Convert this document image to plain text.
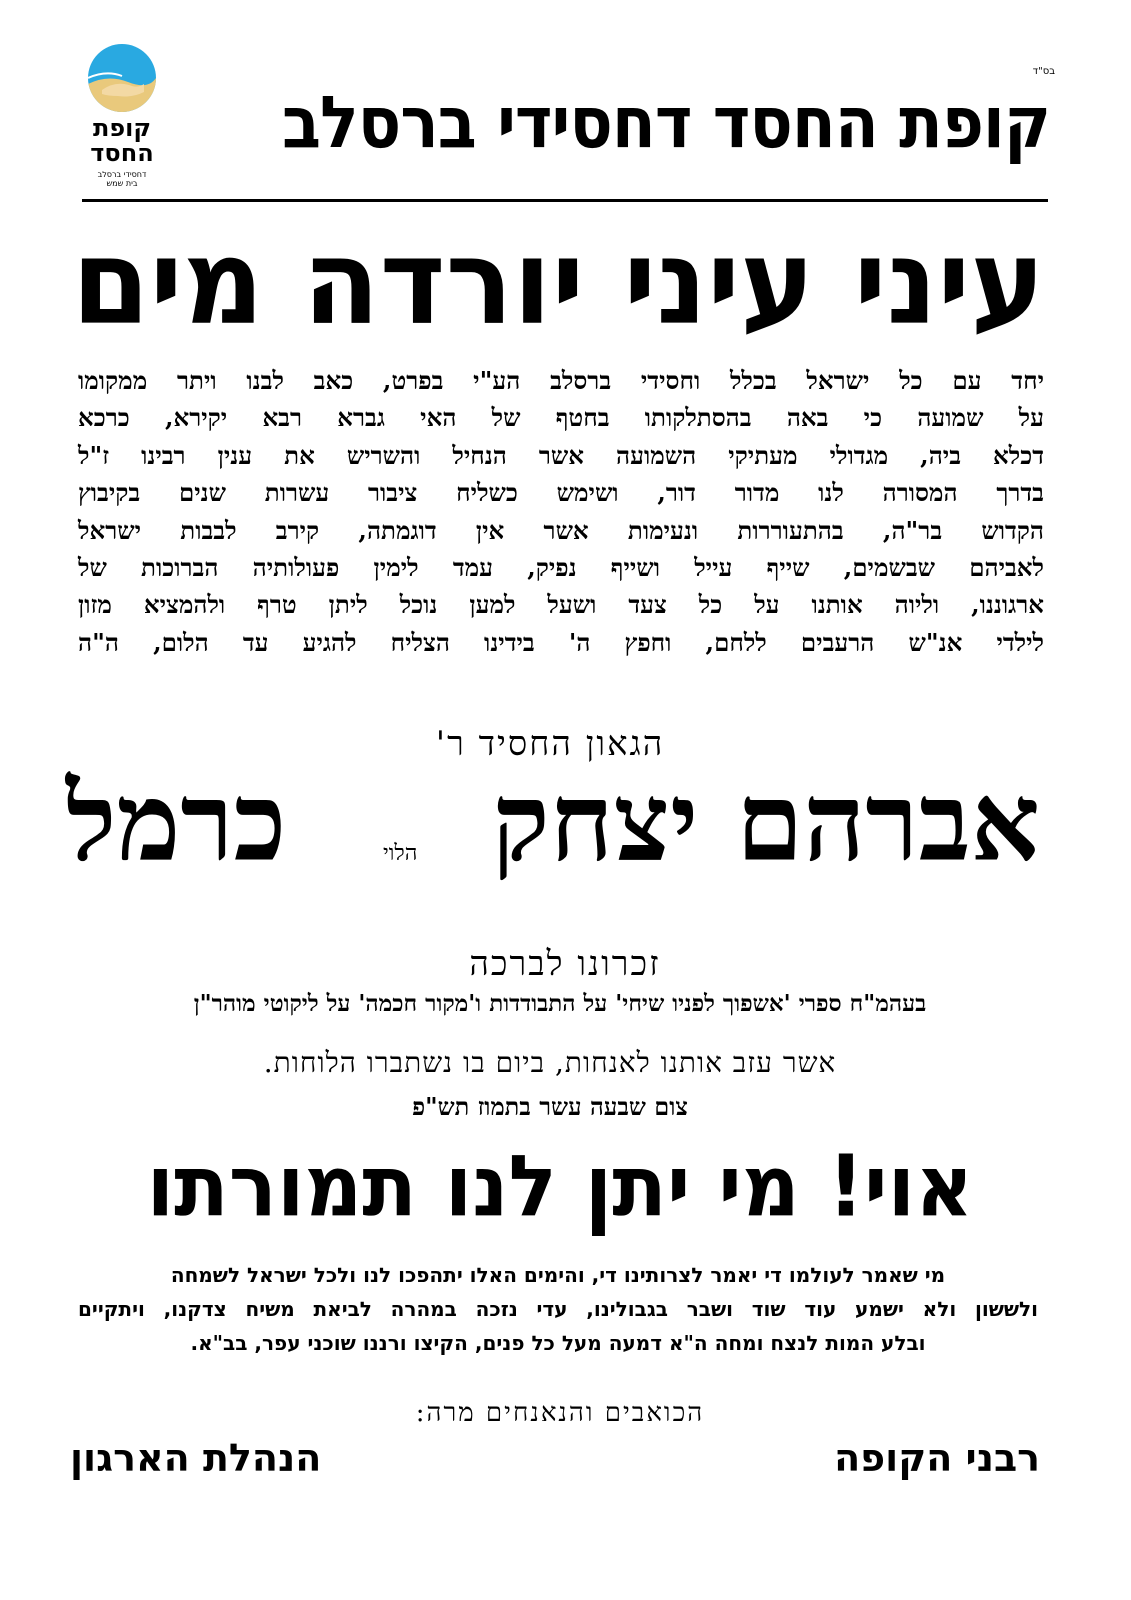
בס"ד
קופת
החסד
דחסידי ברסלב
בית שמש
קופת החסד דחסידי ברסלב
עיני עיני יורדה מים
יחד עם כל ישראל בכלל וחסידי ברסלב הע"י בפרט, כאב לבנו ויתר ממקומו
על שמועה כי באה בהסתלקותו בחטף של האי גברא רבא יקירא, כרכא
דכלא ביה, מגדולי מעתיקי השמועה אשר הנחיל והשריש את ענין רבינו ז"ל
בדרך המסורה לנו מדור דור, ושימש כשליח ציבור עשרות שנים בקיבוץ
הקדוש בר"ה, בהתעוררות ונעימות אשר אין דוגמתה, קירב לבבות ישראל
לאביהם שבשמים, שייף עייל ושייף נפיק, עמד לימין פעולותיה הברוכות של
ארגוננו, וליוה אותנו על כל צעד ושעל למען נוכל ליתן טרף ולהמציא מזון
לילדי אנ"ש הרעבים ללחם, וחפץ ה' בידינו הצליח להגיע עד הלום, ה"ה
הגאון החסיד ר'
אברהם יצחק
הלוי
כרמל
זכרונו לברכה
בעהמ"ח ספרי 'אשפוך לפניו שיחי' על התבודדות ו'מקור חכמה' על ליקוטי מוהר"ן
אשר עזב אותנו לאנחות, ביום בו נשתברו הלוחות.
צום שבעה עשר בתמוז תש"פ
אוי! מי יתן לנו תמורתו
מי שאמר לעולמו די יאמר לצרותינו די, והימים האלו יתהפכו לנו ולכל ישראל לשמחה
ולששון ולא ישמע עוד שוד ושבר בגבולינו, עדי נזכה במהרה לביאת משיח צדקנו, ויתקיים
ובלע המות לנצח ומחה ה"א דמעה מעל כל פנים, הקיצו ורננו שוכני עפר, בב"א.
הכואבים והנאנחים מרה:
רבני הקופה
הנהלת הארגון
